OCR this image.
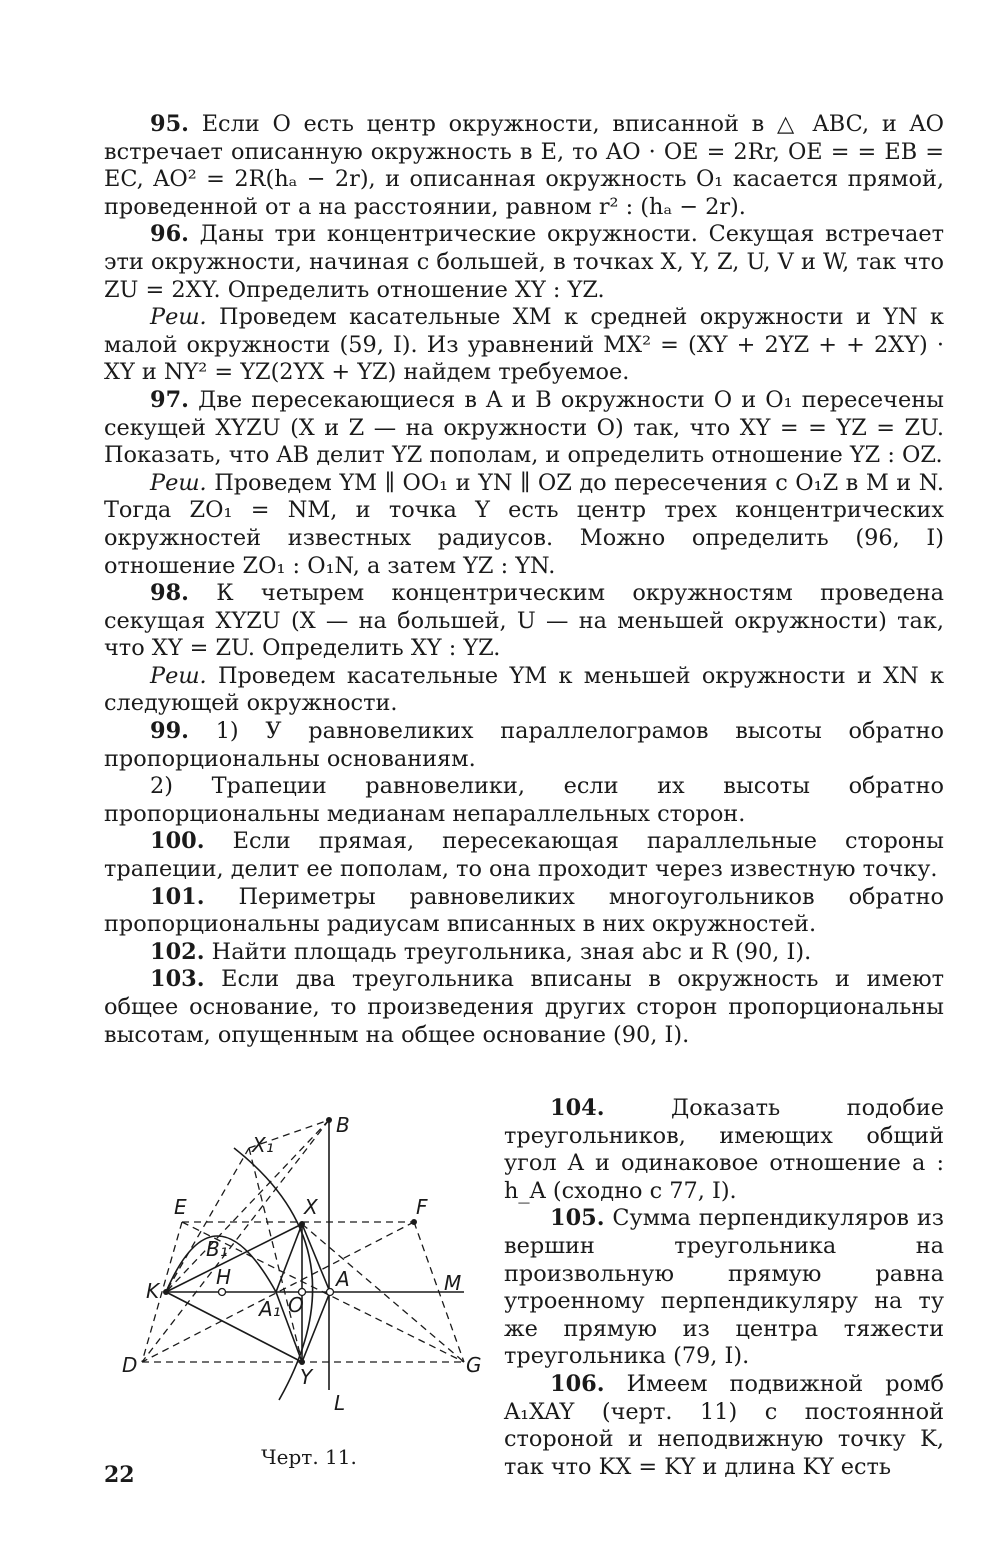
95. Если O есть центр окружности, вписанной в △ ABC, и AO встречает описанную окружность в E, то AO · OE = 2Rr, OE = = EB = EC, AO² = 2R(hₐ − 2r), и описанная окружность O₁ касается прямой, проведенной от a на расстоянии, равном r² : (hₐ − 2r).

96. Даны три концентрические окружности. Секущая встречает эти окружности, начиная с большей, в точках X, Y, Z, U, V и W, так что ZU = 2XY. Определить отношение XY : YZ.

Реш. Проведем касательные XM к средней окружности и YN к малой окружности (59, I). Из уравнений MX² = (XY + 2YZ + + 2XY) · XY и NY² = YZ(2YX + YZ) найдем требуемое.

97. Две пересекающиеся в A и B окружности O и O₁ пересечены секущей XYZU (X и Z — на окружности O) так, что XY = = YZ = ZU. Показать, что AB делит YZ пополам, и определить отношение YZ : OZ.

Реш. Проведем YM ∥ OO₁ и YN ∥ OZ до пересечения с O₁Z в M и N. Тогда ZO₁ = NM, и точка Y есть центр трех концентрических окружностей известных радиусов. Можно определить (96, I) отношение ZO₁ : O₁N, а затем YZ : YN.

98. К четырем концентрическим окружностям проведена секущая XYZU (X — на большей, U — на меньшей окружности) так, что XY = ZU. Определить XY : YZ.

Реш. Проведем касательные YM к меньшей окружности и XN к следующей окружности.

99. 1) У равновеликих параллелограмов высоты обратно пропорциональны основаниям.

2) Трапеции равновелики, если их высоты обратно пропорциональны медианам непараллельных сторон.

100. Если прямая, пересекающая параллельные стороны трапеции, делит ее пополам, то она проходит через известную точку.

101. Периметры равновеликих многоугольников обратно пропорциональны радиусам вписанных в них окружностей.

102. Найти площадь треугольника, зная abc и R (90, I).

103. Если два треугольника вписаны в окружность и имеют общее основание, то произведения других сторон пропорциональны высотам, опущенным на общее основание (90, I).

B
X₁
E	X	F
B₁
K
H	A	M
A₁ O
D	G
Y
L
Черт. 11.

104.	Доказать подобие треугольников, имеющих общий угол A и одинаковое отношение a : h_A (сходно с 77, I).

105. Сумма перпендикуляров из вершин треугольника на произвольную прямую равна утроенному перпендикуляру на ту же прямую из центра тяжести треугольника (79, I).

106. Имеем подвижной ромб A₁XAY (черт. 11) с постоянной стороной и неподвижную точку K, так что KX = KY и длина KY есть

22
